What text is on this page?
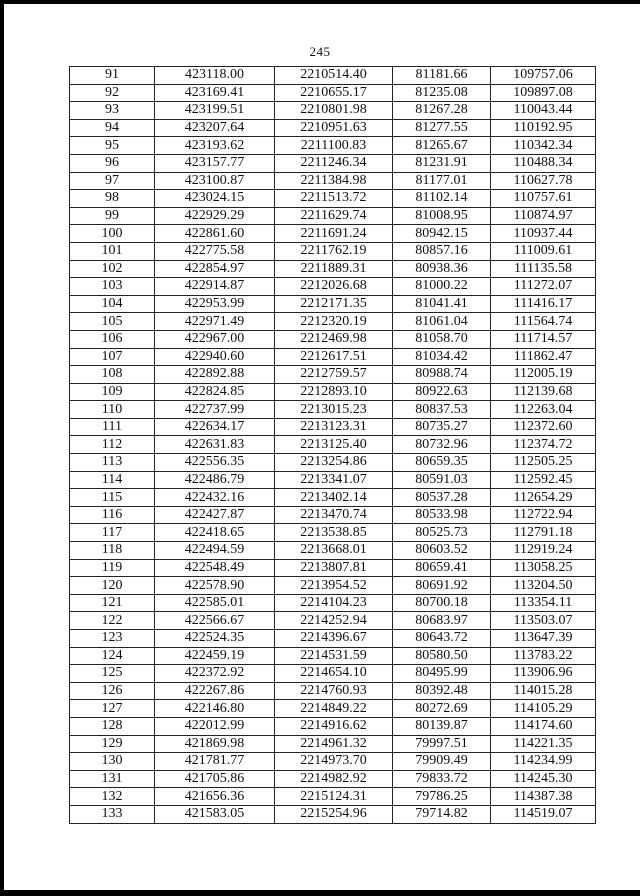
245
91	423118.00	2210514.40	81181.66	109757.06
92	423169.41	2210655.17	81235.08	109897.08
93	423199.51	2210801.98	81267.28	110043.44
94	423207.64	2210951.63	81277.55	110192.95
95	423193.62	2211100.83	81265.67	110342.34
96	423157.77	2211246.34	81231.91	110488.34
97	423100.87	2211384.98	81177.01	110627.78
98	423024.15	2211513.72	81102.14	110757.61
99	422929.29	2211629.74	81008.95	110874.97
100	422861.60	2211691.24	80942.15	110937.44
101	422775.58	2211762.19	80857.16	111009.61
102	422854.97	2211889.31	80938.36	111135.58
103	422914.87	2212026.68	81000.22	111272.07
104	422953.99	2212171.35	81041.41	111416.17
105	422971.49	2212320.19	81061.04	111564.74
106	422967.00	2212469.98	81058.70	111714.57
107	422940.60	2212617.51	81034.42	111862.47
108	422892.88	2212759.57	80988.74	112005.19
109	422824.85	2212893.10	80922.63	112139.68
110	422737.99	2213015.23	80837.53	112263.04
111	422634.17	2213123.31	80735.27	112372.60
112	422631.83	2213125.40	80732.96	112374.72
113	422556.35	2213254.86	80659.35	112505.25
114	422486.79	2213341.07	80591.03	112592.45
115	422432.16	2213402.14	80537.28	112654.29
116	422427.87	2213470.74	80533.98	112722.94
117	422418.65	2213538.85	80525.73	112791.18
118	422494.59	2213668.01	80603.52	112919.24
119	422548.49	2213807.81	80659.41	113058.25
120	422578.90	2213954.52	80691.92	113204.50
121	422585.01	2214104.23	80700.18	113354.11
122	422566.67	2214252.94	80683.97	113503.07
123	422524.35	2214396.67	80643.72	113647.39
124	422459.19	2214531.59	80580.50	113783.22
125	422372.92	2214654.10	80495.99	113906.96
126	422267.86	2214760.93	80392.48	114015.28
127	422146.80	2214849.22	80272.69	114105.29
128	422012.99	2214916.62	80139.87	114174.60
129	421869.98	2214961.32	79997.51	114221.35
130	421781.77	2214973.70	79909.49	114234.99
131	421705.86	2214982.92	79833.72	114245.30
132	421656.36	2215124.31	79786.25	114387.38
133	421583.05	2215254.96	79714.82	114519.07
